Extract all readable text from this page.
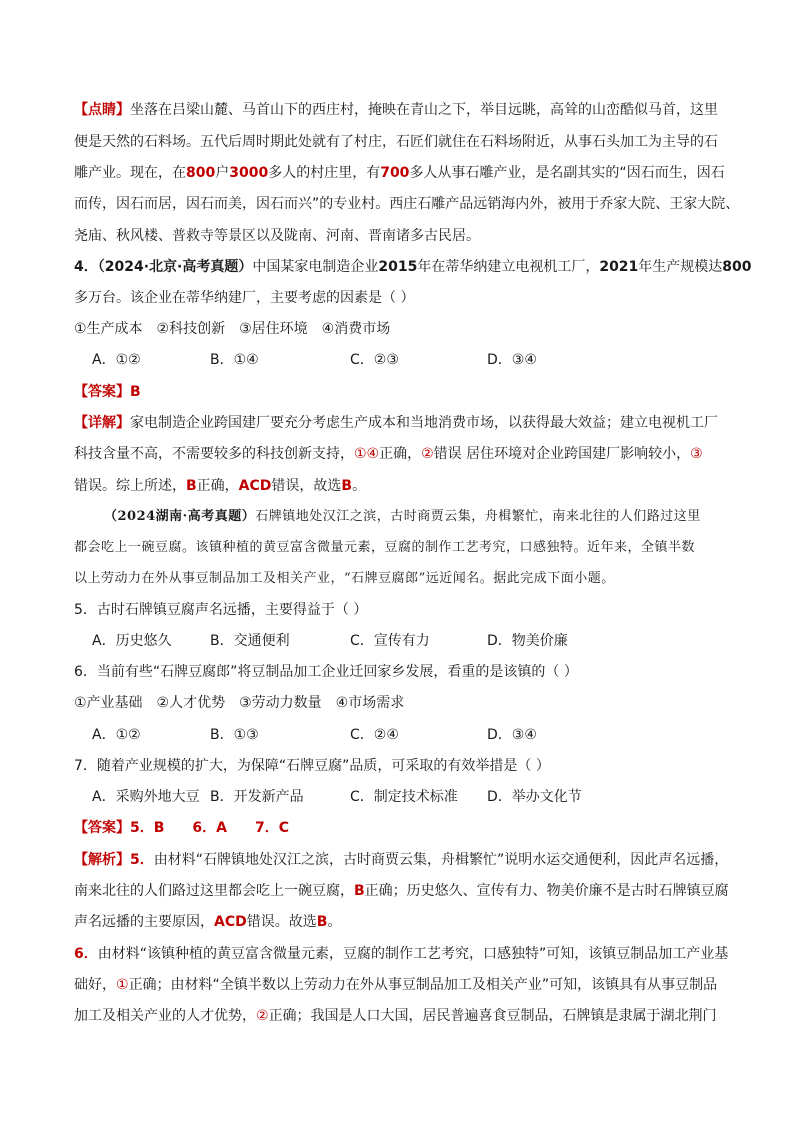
【点睛】坐落在吕梁山麓、马首山下的西庄村，掩映在青山之下，举目远眺，高耸的山峦酷似马首，这里
便是天然的石料场。五代后周时期此处就有了村庄，石匠们就住在石料场附近，从事石头加工为主导的石
雕产业。现在，在800户3000多人的村庄里，有700多人从事石雕产业，是名副其实的“因石而生，因石
而传，因石而居，因石而美，因石而兴”的专业村。西庄石雕产品远销海内外，被用于乔家大院、王家大院、
尧庙、秋风楼、普救寺等景区以及陇南、河南、晋南诸多古民居。
4．（2024·北京·高考真题）中国某家电制造企业2015年在蒂华纳建立电视机工厂，2021年生产规模达800
多万台。该企业在蒂华纳建厂，主要考虑的因素是（ ）
①生产成本　②科技创新　③居住环境　④消费市场
A．①②	B．①④	C．②③	D．③④
【答案】B
【详解】家电制造企业跨国建厂要充分考虑生产成本和当地消费市场，以获得最大效益；建立电视机工厂
科技含量不高，不需要较多的科技创新支持，①④正确，②错误 居住环境对企业跨国建厂影响较小，③
错误。综上所述，B正确，ACD错误，故选B。
（2024湖南·高考真题）石牌镇地处汉江之滨，古时商贾云集，舟楫繁忙，南来北往的人们路过这里
都会吃上一碗豆腐。该镇种植的黄豆富含微量元素，豆腐的制作工艺考究，口感独特。近年来，全镇半数
以上劳动力在外从事豆制品加工及相关产业，“石牌豆腐郎”远近闻名。据此完成下面小题。
5．古时石牌镇豆腐声名远播，主要得益于（ ）
A．历史悠久	B．交通便利	C．宣传有力	D．物美价廉
6．当前有些“石牌豆腐郎”将豆制品加工企业迁回家乡发展，看重的是该镇的（ ）
①产业基础　②人才优势　③劳动力数量　④市场需求
A．①②	B．①③	C．②④	D．③④
7．随着产业规模的扩大，为保障“石牌豆腐”品质，可采取的有效举措是（ ）
A．采购外地大豆 B．开发新产品	C．制定技术标准 D．举办文化节
【答案】5．B　　6．A　　7．C
【解析】5．由材料“石牌镇地处汉江之滨，古时商贾云集，舟楫繁忙”说明水运交通便利，因此声名远播，
南来北往的人们路过这里都会吃上一碗豆腐，B正确；历史悠久、宣传有力、物美价廉不是古时石牌镇豆腐
声名远播的主要原因，ACD错误。故选B。
6．由材料“该镇种植的黄豆富含微量元素，豆腐的制作工艺考究，口感独特”可知，该镇豆制品加工产业基
础好，①正确；由材料“全镇半数以上劳动力在外从事豆制品加工及相关产业”可知，该镇具有从事豆制品
加工及相关产业的人才优势，②正确；我国是人口大国，居民普遍喜食豆制品，石牌镇是隶属于湖北荆门
